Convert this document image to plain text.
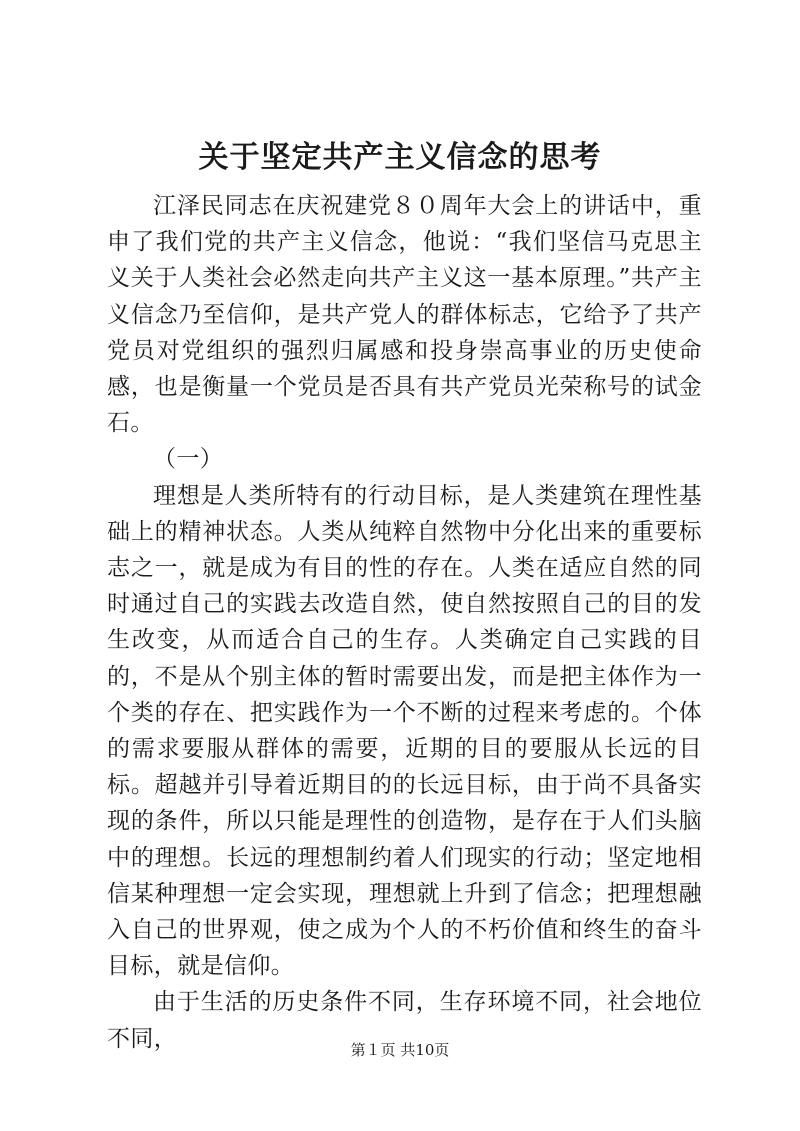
关于坚定共产主义信念的思考

江泽民同志在庆祝建党８０周年大会上的讲话中，重申了我们党的共产主义信念，他说：“我们坚信马克思主义关于人类社会必然走向共产主义这一基本原理。”共产主义信念乃至信仰，是共产党人的群体标志，它给予了共产党员对党组织的强烈归属感和投身崇高事业的历史使命感，也是衡量一个党员是否具有共产党员光荣称号的试金石。

（一）

理想是人类所特有的行动目标，是人类建筑在理性基础上的精神状态。人类从纯粹自然物中分化出来的重要标志之一，就是成为有目的性的存在。人类在适应自然的同时通过自己的实践去改造自然，使自然按照自己的目的发生改变，从而适合自己的生存。人类确定自己实践的目的，不是从个别主体的暂时需要出发，而是把主体作为一个类的存在、把实践作为一个不断的过程来考虑的。个体的需求要服从群体的需要，近期的目的要服从长远的目标。超越并引导着近期目的的长远目标，由于尚不具备实现的条件，所以只能是理性的创造物，是存在于人们头脑中的理想。长远的理想制约着人们现实的行动；坚定地相信某种理想一定会实现，理想就上升到了信念；把理想融入自己的世界观，使之成为个人的不朽价值和终生的奋斗目标，就是信仰。

由于生活的历史条件不同，生存环境不同，社会地位不同，	第１页 共10页
